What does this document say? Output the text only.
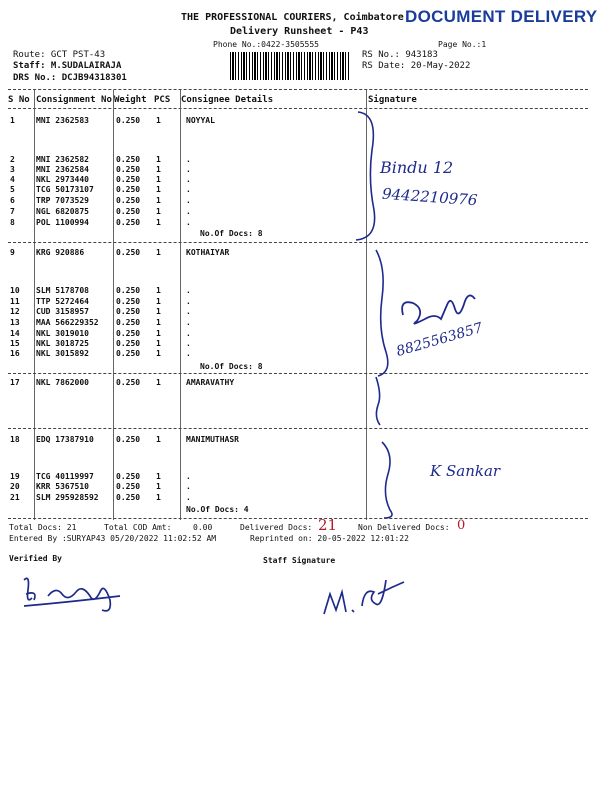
THE PROFESSIONAL COURIERS, Coimbatore DOCUMENT DELIVERY
Delivery Runsheet - P43
Phone No.:0422-3505555	Page No.:1
Route: GCT PST-43
Staff: M.SUDALAIRAJA
DRS No.: DCJB94318301
RS No.: 943183
RS Date: 20-May-2022
S No Consignment No Weight PCS Consignee Details	Signature
1	MNI 2362583	0.250 1	NOYYAL
2	MNI 2362582	0.250 1	.
3	MNI 2362584	0.250 1	.
4	NKL 2973440	0.250 1	.
5	TCG 50173107	0.250 1	.
6	TRP 7073529	0.250 1	.
7	NGL 6820875	0.250 1	.
8	POL 1100994	0.250 1	.
No.Of Docs: 8
Bindu 12
9442210976
9	KRG 920886	0.250 1	KOTHAIYAR
10 SLM 5178708	0.250 1	.
11 TTP 5272464	0.250 1	.
12 CUD 3158957	0.250 1	.
13 MAA 566229352 0.250 1	.
14 NKL 3019010	0.250 1	.
15 NKL 3018725	0.250 1	.
16 NKL 3015892	0.250 1	.
No.Of Docs: 8
8825563857
17 NKL 7862000	0.250 1	AMARAVATHY
18 EDQ 17387910	0.250 1	MANIMUTHASR
19 TCG 40119997	0.250 1	.
20 KRR 5367510	0.250 1	.
21 SLM 295928592 0.250 1	.
No.Of Docs: 4
K Sankar
Total Docs: 21	Total COD Amt:	0.00	Delivered Docs: 21	Non Delivered Docs: 0
Entered By :SURYAP43 05/20/2022 11:02:52 AM	Reprinted on: 20-05-2022 12:01:22
Verified By	Staff Signature
